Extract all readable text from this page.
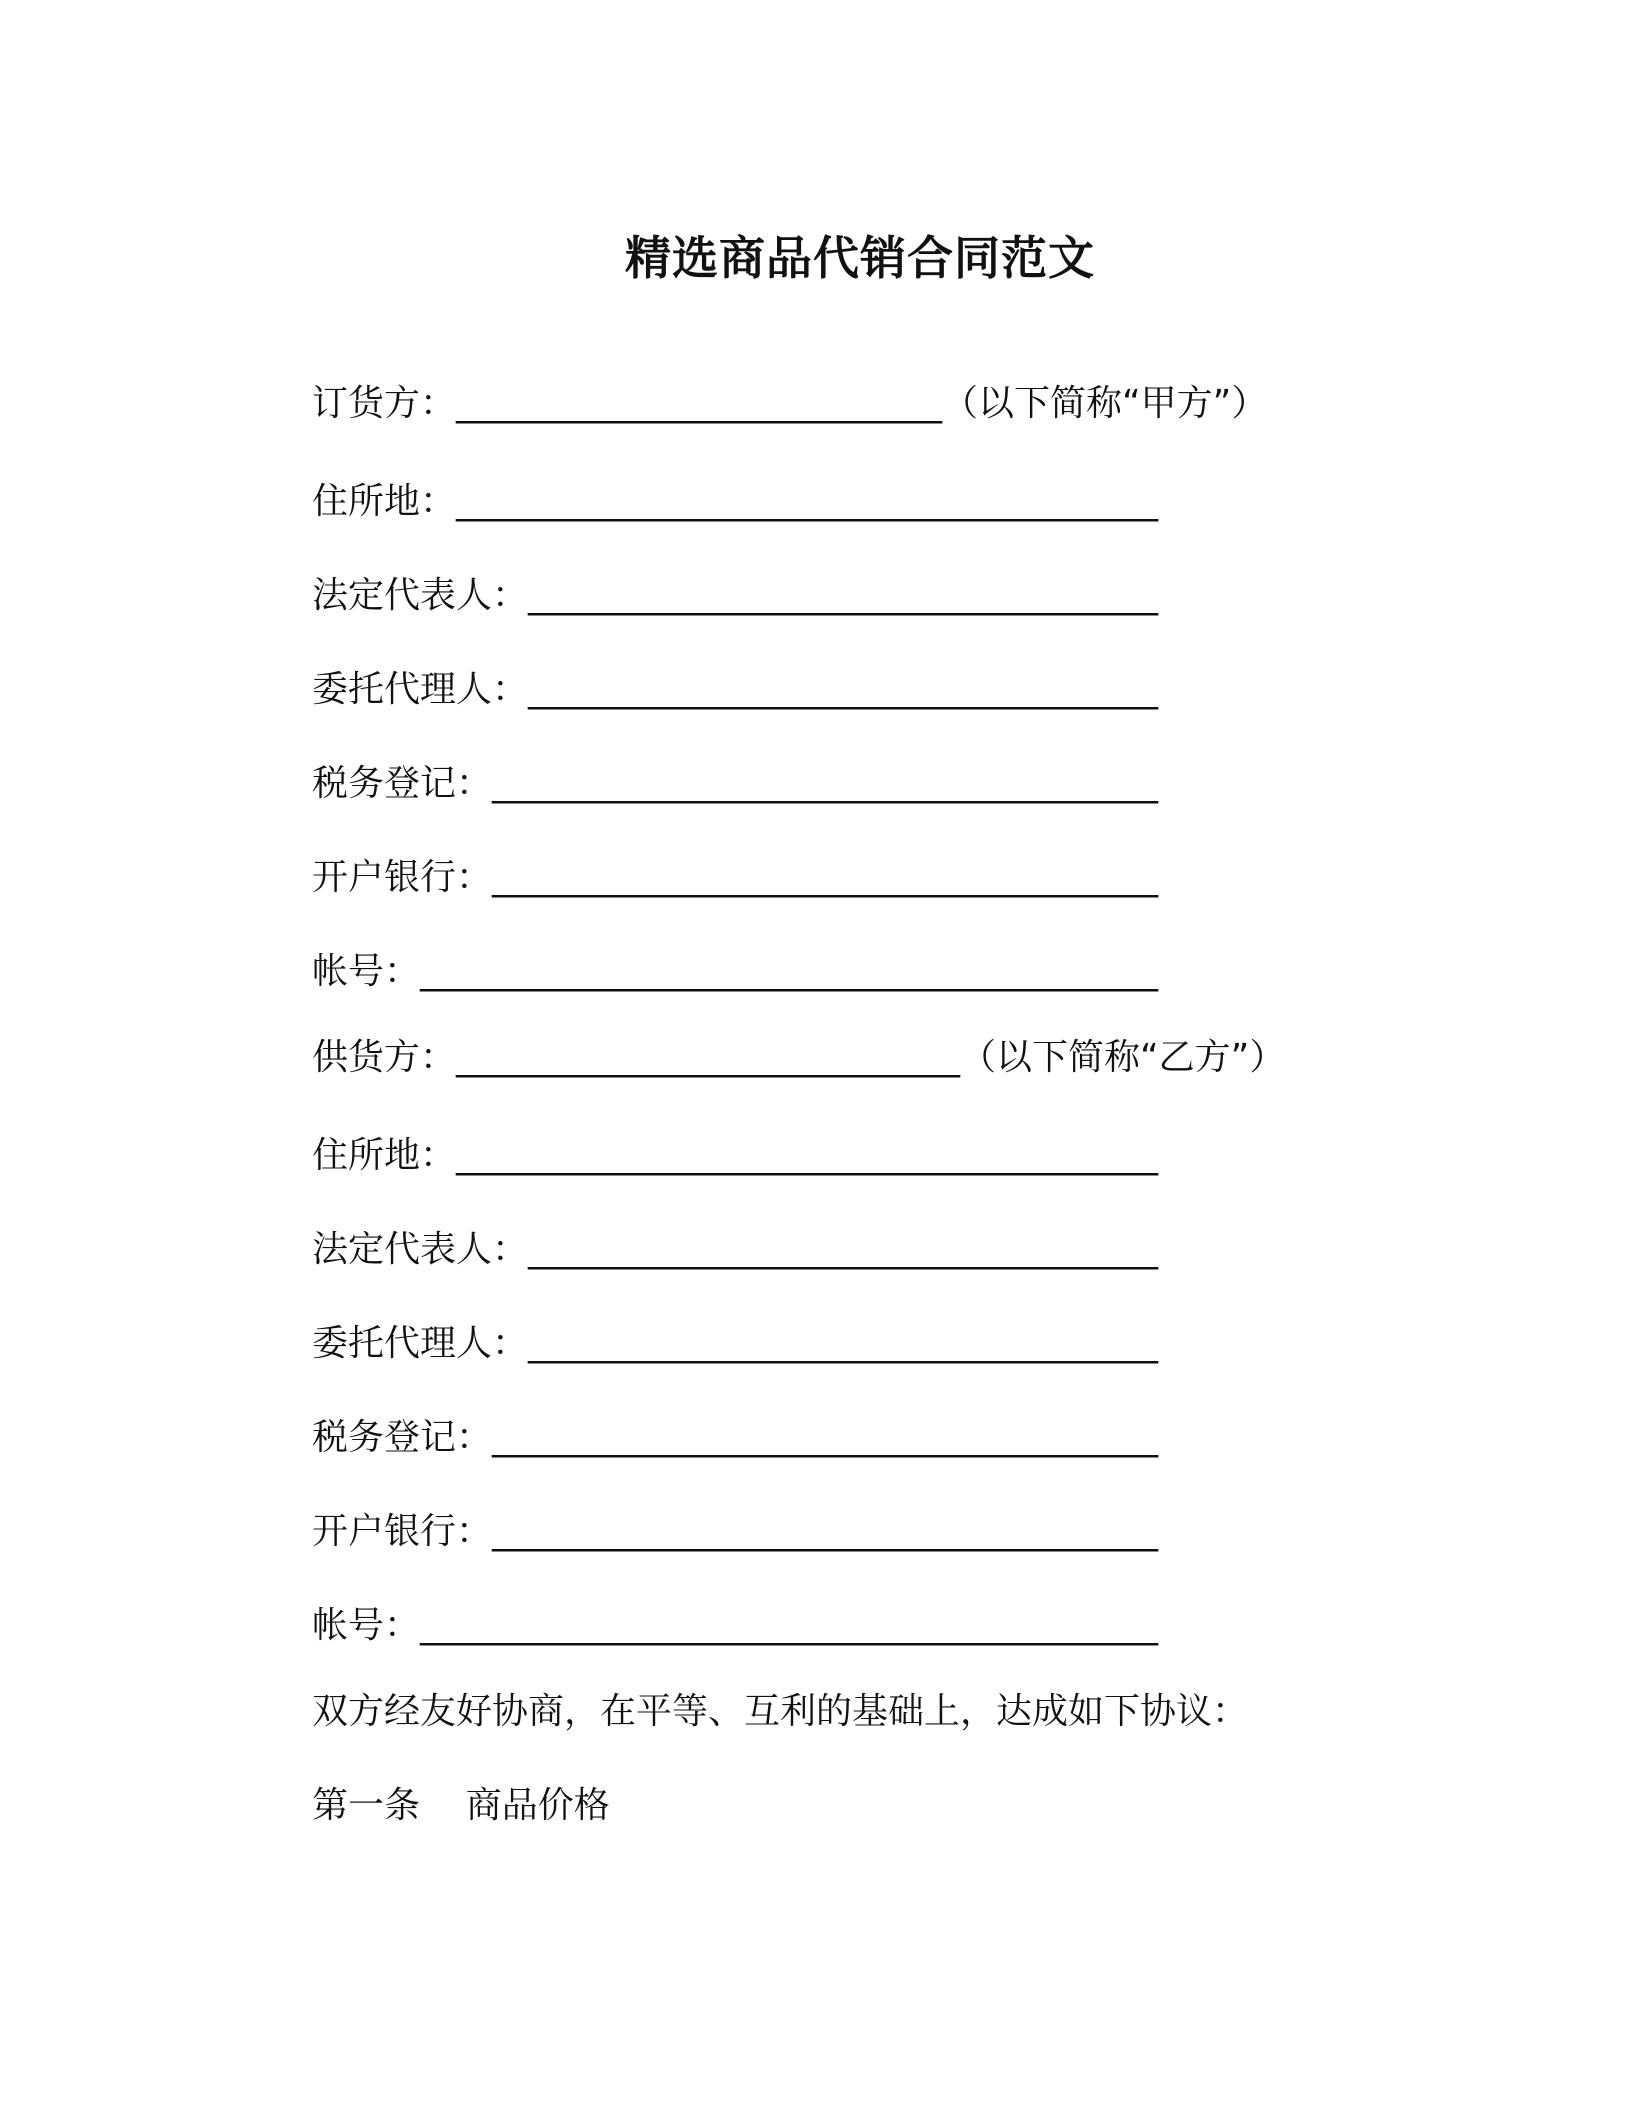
精选商品代销合同范文
订货方：___________________________（以下简称“甲方”）
住所地：_______________________________________
法定代表人：___________________________________
委托代理人：___________________________________
税务登记：_____________________________________
开户银行：_____________________________________
帐号：_________________________________________
供货方：____________________________（以下简称“乙方”）
住所地：_______________________________________
法定代表人：___________________________________
委托代理人：___________________________________
税务登记：_____________________________________
开户银行：_____________________________________
帐号：_________________________________________
双方经友好协商，在平等、互利的基础上，达成如下协议：
第一条 商品价格
